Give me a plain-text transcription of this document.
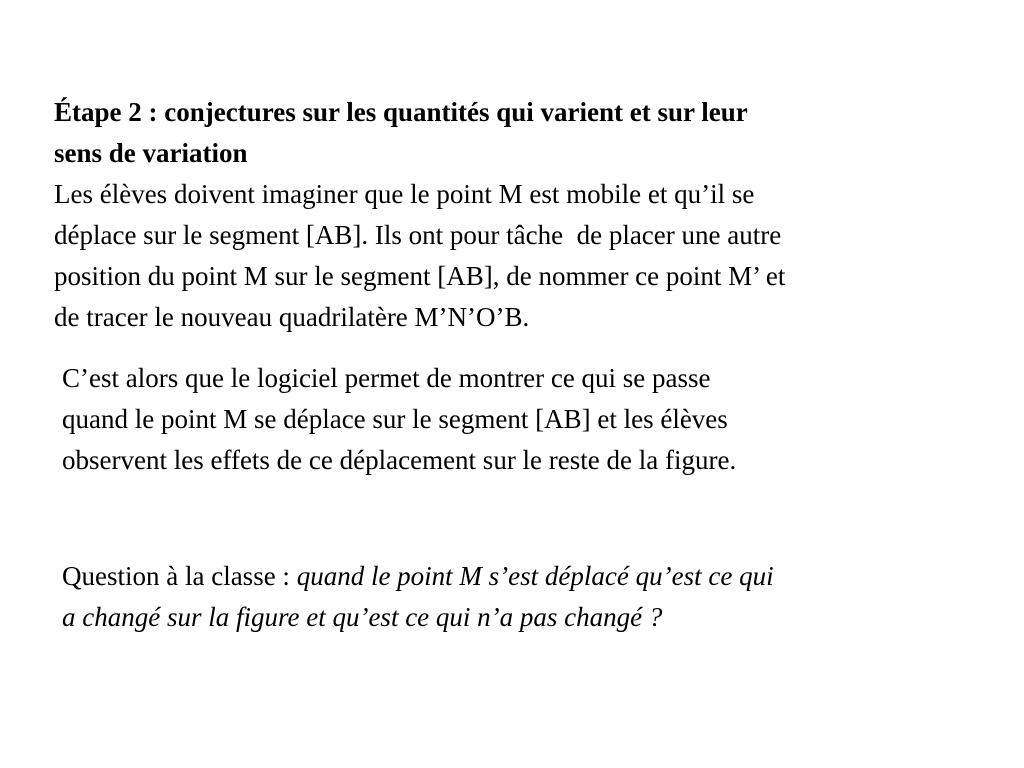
Étape 2 : conjectures sur les quantités qui varient et sur leur

sens de variation

Les élèves doivent imaginer que le point M est mobile et qu’il se

déplace sur le segment [AB]. Ils ont pour tâche  de placer une autre

position du point M sur le segment [AB], de nommer ce point M’ et

de tracer le nouveau quadrilatère M’N’O’B.

C’est alors que le logiciel permet de montrer ce qui se passe

quand le point M se déplace sur le segment [AB] et les élèves

observent les effets de ce déplacement sur le reste de la figure.

Question à la classe : quand le point M s’est déplacé qu’est ce qui

a changé sur la figure et qu’est ce qui n’a pas changé ?
